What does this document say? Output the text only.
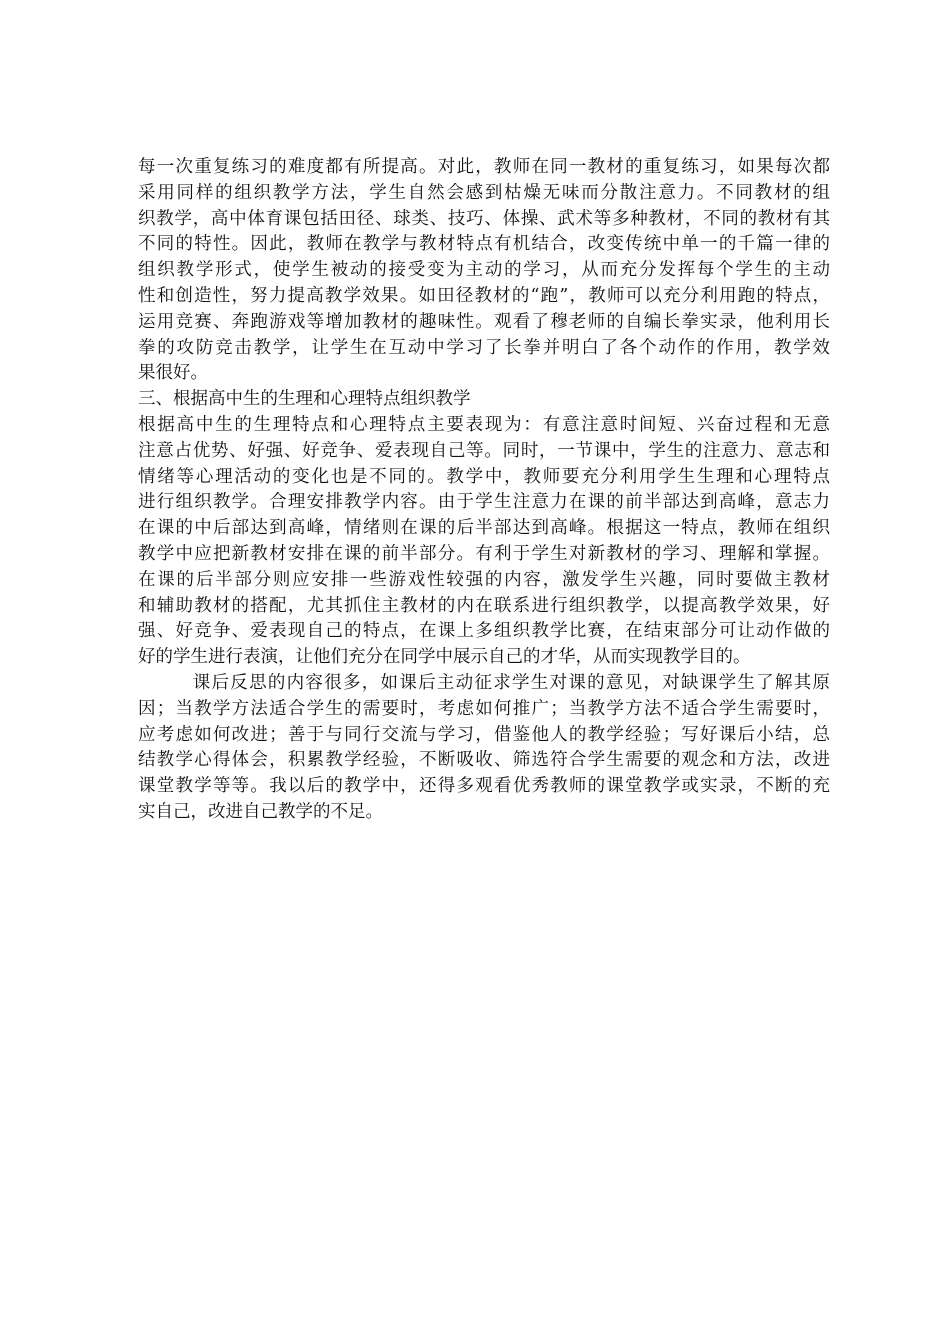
每一次重复练习的难度都有所提高。对此，教师在同一教材的重复练习，如果每次都
采用同样的组织教学方法，学生自然会感到枯燥无味而分散注意力。不同教材的组
织教学，高中体育课包括田径、球类、技巧、体操、武术等多种教材，不同的教材有其
不同的特性。因此，教师在教学与教材特点有机结合，改变传统中单一的千篇一律的
组织教学形式，使学生被动的接受变为主动的学习，从而充分发挥每个学生的主动
性和创造性，努力提高教学效果。如田径教材的“跑”，教师可以充分利用跑的特点，
运用竞赛、奔跑游戏等增加教材的趣味性。观看了穆老师的自编长拳实录，他利用长
拳的攻防竞击教学，让学生在互动中学习了长拳并明白了各个动作的作用，教学效
果很好。
三、根据高中生的生理和心理特点组织教学
根据高中生的生理特点和心理特点主要表现为：有意注意时间短、兴奋过程和无意
注意占优势、好强、好竞争、爱表现自己等。同时，一节课中，学生的注意力、意志和
情绪等心理活动的变化也是不同的。教学中，教师要充分利用学生生理和心理特点
进行组织教学。合理安排教学内容。由于学生注意力在课的前半部达到高峰，意志力
在课的中后部达到高峰，情绪则在课的后半部达到高峰。根据这一特点，教师在组织
教学中应把新教材安排在课的前半部分。有利于学生对新教材的学习、理解和掌握。
在课的后半部分则应安排一些游戏性较强的内容，激发学生兴趣，同时要做主教材
和辅助教材的搭配，尤其抓住主教材的内在联系进行组织教学，以提高教学效果，好
强、好竞争、爱表现自己的特点，在课上多组织教学比赛，在结束部分可让动作做的
好的学生进行表演，让他们充分在同学中展示自己的才华，从而实现教学目的。
课后反思的内容很多，如课后主动征求学生对课的意见，对缺课学生了解其原
因；当教学方法适合学生的需要时，考虑如何推广；当教学方法不适合学生需要时，
应考虑如何改进；善于与同行交流与学习，借鉴他人的教学经验；写好课后小结，总
结教学心得体会，积累教学经验，不断吸收、筛选符合学生需要的观念和方法，改进
课堂教学等等。我以后的教学中，还得多观看优秀教师的课堂教学或实录，不断的充
实自己，改进自己教学的不足。
